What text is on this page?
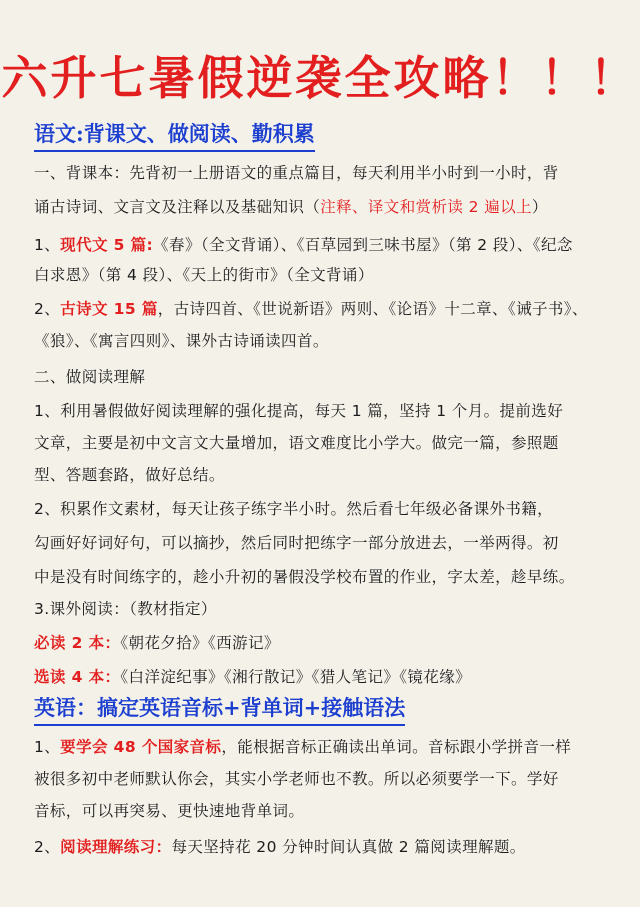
六升七暑假逆袭全攻略！！！
语文:背课文、做阅读、勤积累
一、背课本：先背初一上册语文的重点篇目，每天利用半小时到一小时，背
诵古诗词、文言文及注释以及基础知识（注释、译文和赏析读 2 遍以上）
1、现代文 5 篇:《春》（全文背诵）、《百草园到三味书屋》（第 2 段）、《纪念
白求恩》（第 4 段）、《天上的街市》（全文背诵）
2、古诗文 15 篇，古诗四首、《世说新语》两则、《论语》十二章、《诫子书》、
《狼》、《寓言四则》、课外古诗诵读四首。
二、做阅读理解
1、利用暑假做好阅读理解的强化提高，每天 1 篇，坚持 1 个月。提前选好
文章，主要是初中文言文大量增加，语文难度比小学大。做完一篇，参照题
型、答题套路，做好总结。
2、积累作文素材，每天让孩子练字半小时。然后看七年级必备课外书籍，
勾画好好词好句，可以摘抄，然后同时把练字一部分放进去，一举两得。初
中是没有时间练字的，趁小升初的暑假没学校布置的作业，字太差，趁早练。
3.课外阅读：（教材指定）
必读 2 本：《朝花夕拾》《西游记》
选读 4 本：《白洋淀纪事》《湘行散记》《猎人笔记》《镜花缘》
英语：搞定英语音标+背单词+接触语法
1、要学会 48 个国家音标，能根据音标正确读出单词。音标跟小学拼音一样
被很多初中老师默认你会，其实小学老师也不教。所以必须要学一下。学好
音标，可以再突易、更快速地背单词。
2、阅读理解练习：每天坚持花 20 分钟时间认真做 2 篇阅读理解题。
